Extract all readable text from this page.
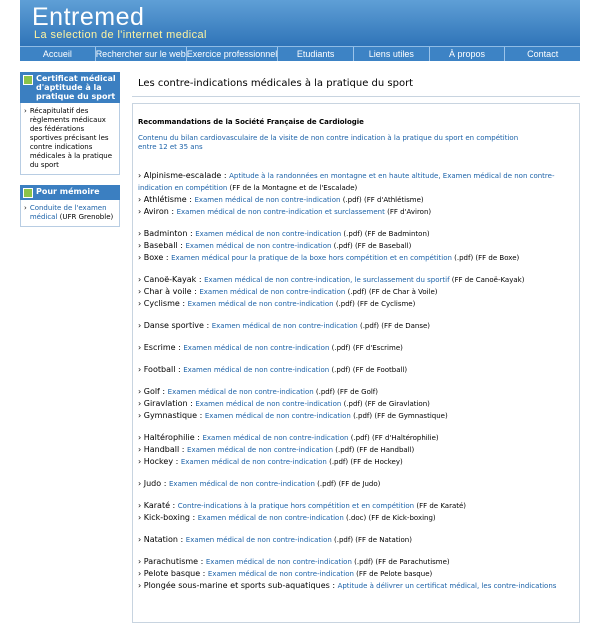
Entremed
La selection de l'internet medical
Accueil	Rechercher sur le web Exercice professionnel	Etudiants	Liens utiles	À propos	Contact
Certificat médical d'aptitude à la pratique du sport
› Récapitulatif des règlements médicaux des fédérations sportives précisant les contre indications médicales à la pratique du sport
Pour mémoire
› Conduite de l'examen médical (UFR Grenoble)
Les contre-indications médicales à la pratique du sport
Recommandations de la Société Française de Cardiologie
Contenu du bilan cardiovasculaire de la visite de non contre indication à la pratique du sport en compétition entre 12 et 35 ans
› Alpinisme-escalade : Aptitude à la randonnées en montagne et en haute altitude, Examen médical de non contre-indication en compétition (FF de la Montagne et de l'Escalade)
› Athlétisme : Examen médical de non contre-indication (.pdf) (FF d'Athlétisme)
› Aviron : Examen médical de non contre-indication et surclassement (FF d'Aviron)
› Badminton : Examen médical de non contre-indication (.pdf) (FF de Badminton)
› Baseball : Examen médical de non contre-indication (.pdf) (FF de Baseball)
› Boxe : Examen médical pour la pratique de la boxe hors compétition et en compétition (.pdf) (FF de Boxe)
› Canoë-Kayak : Examen médical de non contre-indication, le surclassement du sportif (FF de Canoë-Kayak)
› Char à voile : Examen médical de non contre-indication (.pdf) (FF de Char à Voile)
› Cyclisme : Examen médical de non contre-indication (.pdf) (FF de Cyclisme)
› Danse sportive : Examen médical de non contre-indication (.pdf) (FF de Danse)
› Escrime : Examen médical de non contre-indication (.pdf) (FF d'Escrime)
› Football : Examen médical de non contre-indication (.pdf) (FF de Football)
› Golf : Examen médical de non contre-indication (.pdf) (FF de Golf)
› Giravlation : Examen médical de non contre-indication (.pdf) (FF de Giravlation)
› Gymnastique : Examen médical de non contre-indication (.pdf) (FF de Gymnastique)
› Haltérophilie : Examen médical de non contre-indication (.pdf) (FF d'Haltérophilie)
› Handball : Examen médical de non contre-indication (.pdf) (FF de Handball)
› Hockey : Examen médical de non contre-indication (.pdf) (FF de Hockey)
› Judo : Examen médical de non contre-indication (.pdf) (FF de Judo)
› Karaté : Contre-indications à la pratique hors compétition et en compétition (FF de Karaté)
› Kick-boxing : Examen médical de non contre-indication (.doc) (FF de Kick-boxing)
› Natation : Examen médical de non contre-indication (.pdf) (FF de Natation)
› Parachutisme : Examen médical de non contre-indication (.pdf) (FF de Parachutisme)
› Pelote basque : Examen médical de non contre-indication (FF de Pelote basque)
› Plongée sous-marine et sports sub-aquatiques : Aptitude à délivrer un certificat médical, les contre-indications
